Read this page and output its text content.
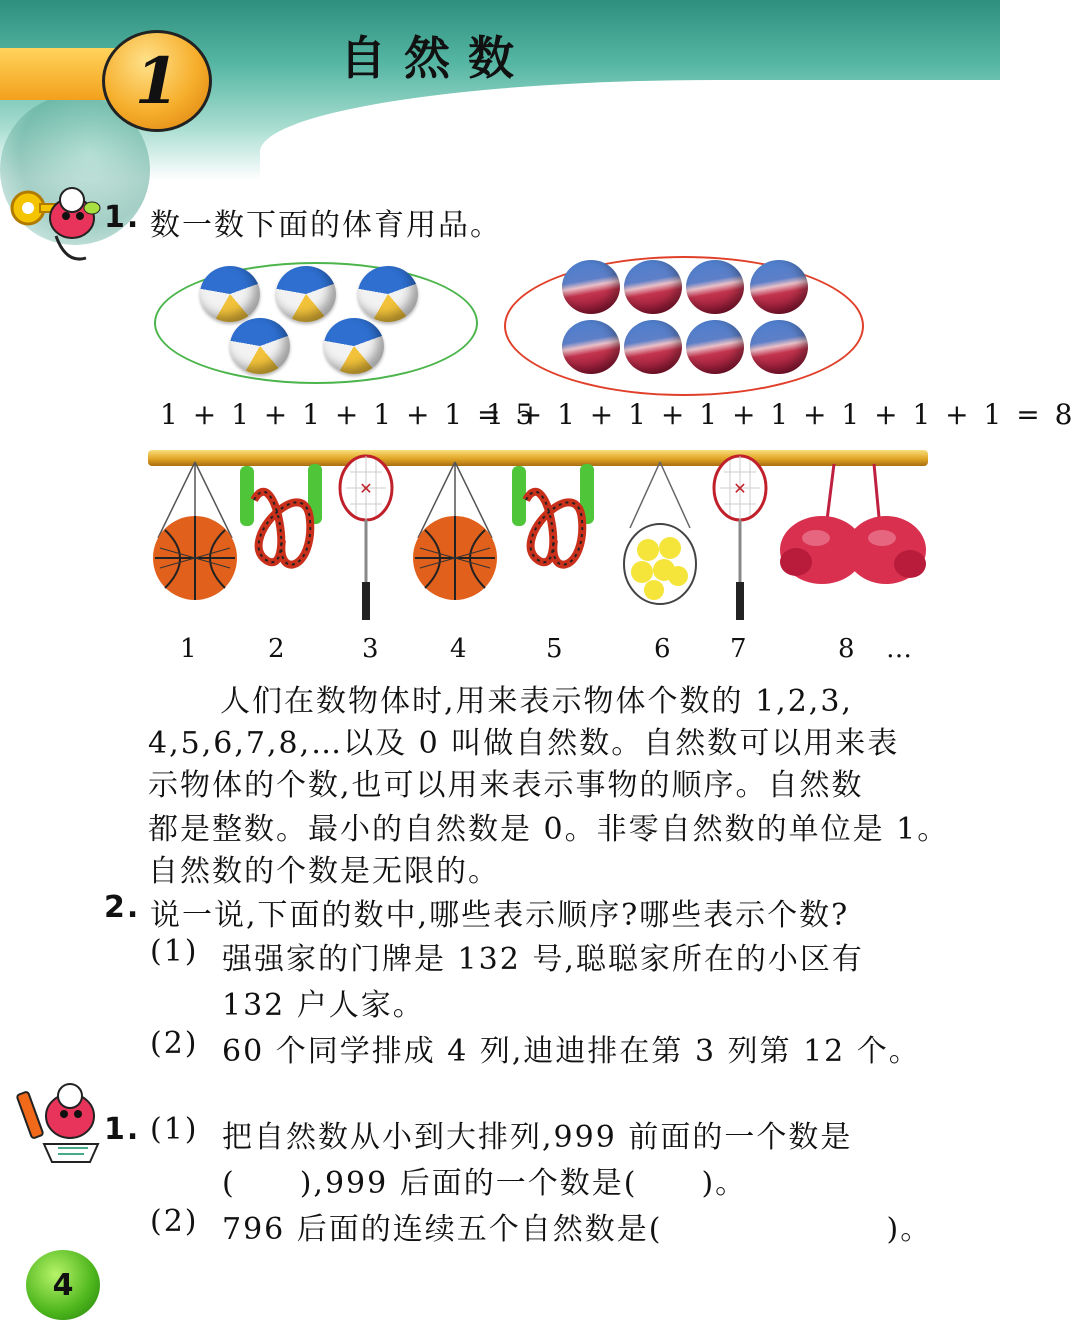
1	自然数
1. 数一数下面的体育用品。
1 + 1 + 1 + 1 + 1 = 5
1 + 1 + 1 + 1 + 1 + 1 + 1 + 1 = 8
✕	✕
1	2	3	4	5	6 7	8 …
人们在数物体时,用来表示物体个数的 1,2,3,
4,5,6,7,8,…以及 0 叫做自然数。自然数可以用来表
示物体的个数,也可以用来表示事物的顺序。自然数
都是整数。最小的自然数是 0。非零自然数的单位是 1。
自然数的个数是无限的。
2. 说一说,下面的数中,哪些表示顺序?哪些表示个数?
(1) 强强家的门牌是 132 号,聪聪家所在的小区有
132 户人家。
(2) 60 个同学排成 4 列,迪迪排在第 3 列第 12 个。
1. (1) 把自然数从小到大排列,999 前面的一个数是
(　　),999 后面的一个数是(　　)。
(2) 796 后面的连续五个自然数是(　　　　　　　)。
4
